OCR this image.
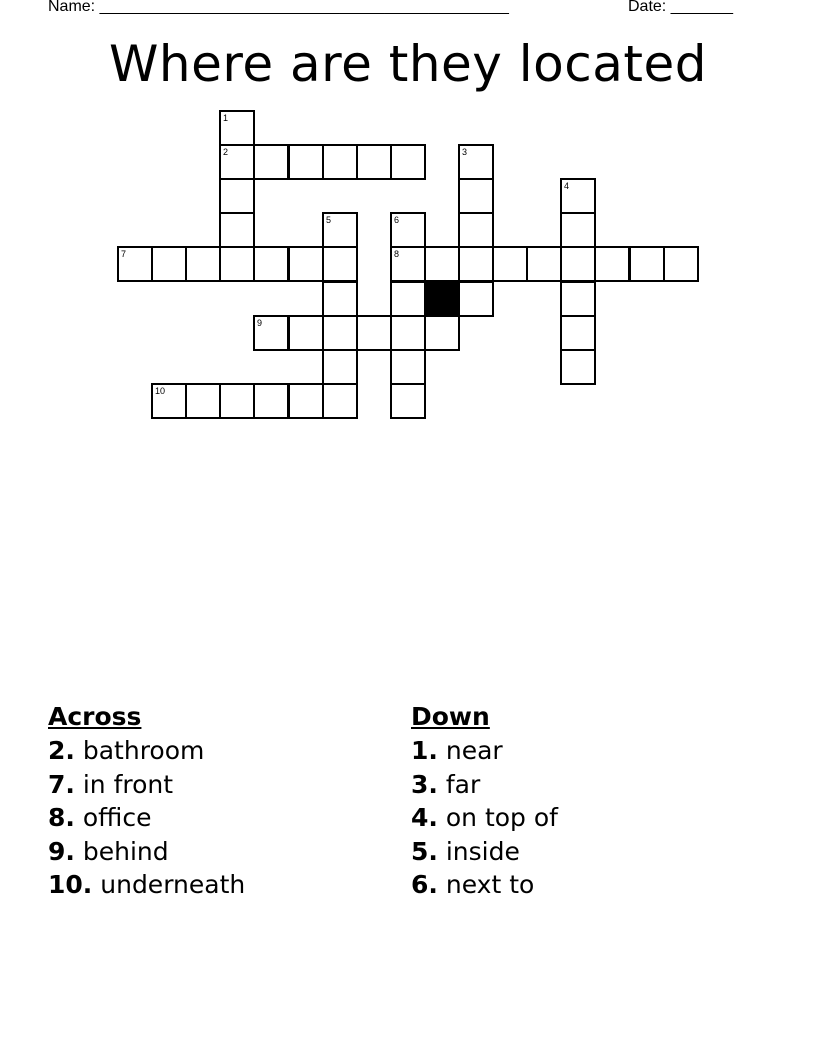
Name: ______________________________________________	Date: _______
Where are they located
1
2	3
4
5	6
7	8
9
10
Across
2. bathroom
7. in front
8. office
9. behind
10. underneath
Down
1. near
3. far
4. on top of
5. inside
6. next to
